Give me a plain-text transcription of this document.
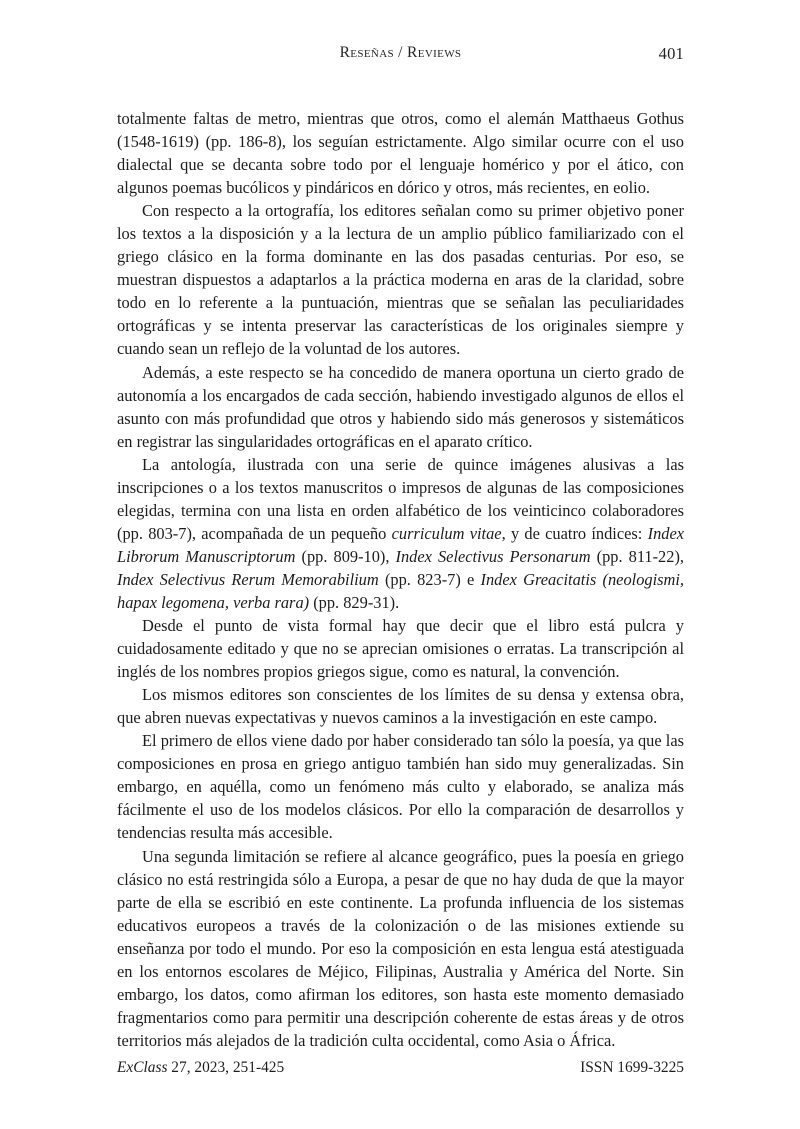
Reseñas / Reviews	401

totalmente faltas de metro, mientras que otros, como el alemán Matthaeus Gothus (1548-1619) (pp. 186-8), los seguían estrictamente. Algo similar ocurre con el uso dialectal que se decanta sobre todo por el lenguaje homérico y por el ático, con algunos poemas bucólicos y pindáricos en dórico y otros, más recientes, en eolio.

Con respecto a la ortografía, los editores señalan como su primer objetivo poner los textos a la disposición y a la lectura de un amplio público familiarizado con el griego clásico en la forma dominante en las dos pasadas centurias. Por eso, se muestran dispuestos a adaptarlos a la práctica moderna en aras de la claridad, sobre todo en lo referente a la puntuación, mientras que se señalan las peculiaridades ortográficas y se intenta preservar las características de los originales siempre y cuando sean un reflejo de la voluntad de los autores.

Además, a este respecto se ha concedido de manera oportuna un cierto grado de autonomía a los encargados de cada sección, habiendo investigado algunos de ellos el asunto con más profundidad que otros y habiendo sido más generosos y sistemáticos en registrar las singularidades ortográficas en el aparato crítico.

La antología, ilustrada con una serie de quince imágenes alusivas a las inscripciones o a los textos manuscritos o impresos de algunas de las composiciones elegidas, termina con una lista en orden alfabético de los veinticinco colaboradores (pp. 803-7), acompañada de un pequeño curriculum vitae, y de cuatro índices: Index Librorum Manuscriptorum (pp. 809-10), Index Selectivus Personarum (pp. 811-22), Index Selectivus Rerum Memorabilium (pp. 823-7) e Index Greacitatis (neologismi, hapax legomena, verba rara) (pp. 829-31).

Desde el punto de vista formal hay que decir que el libro está pulcra y cuidadosamente editado y que no se aprecian omisiones o erratas. La transcripción al inglés de los nombres propios griegos sigue, como es natural, la convención.

Los mismos editores son conscientes de los límites de su densa y extensa obra, que abren nuevas expectativas y nuevos caminos a la investigación en este campo.

El primero de ellos viene dado por haber considerado tan sólo la poesía, ya que las composiciones en prosa en griego antiguo también han sido muy generalizadas. Sin embargo, en aquélla, como un fenómeno más culto y elaborado, se analiza más fácilmente el uso de los modelos clásicos. Por ello la comparación de desarrollos y tendencias resulta más accesible.

Una segunda limitación se refiere al alcance geográfico, pues la poesía en griego clásico no está restringida sólo a Europa, a pesar de que no hay duda de que la mayor parte de ella se escribió en este continente. La profunda influencia de los sistemas educativos europeos a través de la colonización o de las misiones extiende su enseñanza por todo el mundo. Por eso la composición en esta lengua está atestiguada en los entornos escolares de Méjico, Filipinas, Australia y América del Norte. Sin embargo, los datos, como afirman los editores, son hasta este momento demasiado fragmentarios como para permitir una descripción coherente de estas áreas y de otros territorios más alejados de la tradición culta occidental, como Asia o África.

ExClass 27, 2023, 251-425	ISSN 1699-3225
